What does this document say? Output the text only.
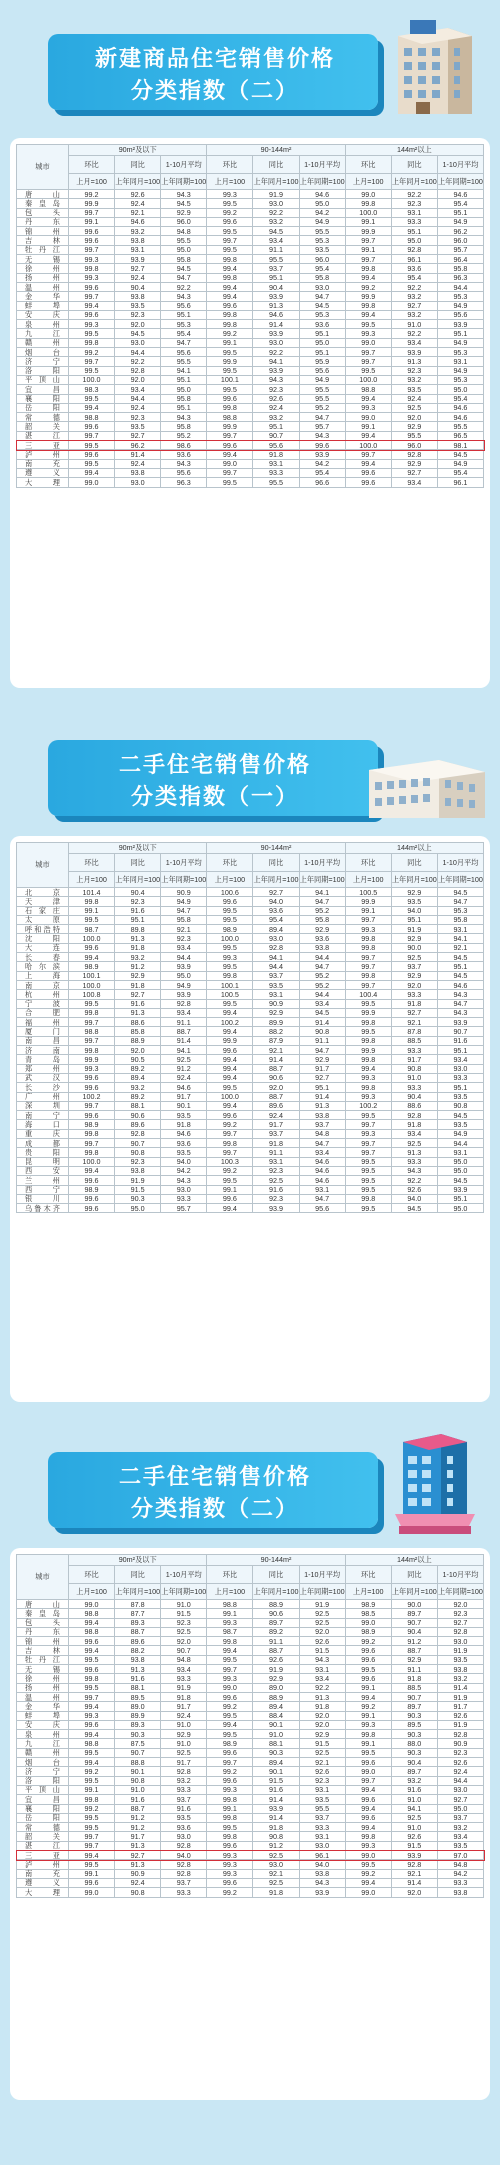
新建商品住宅销售价格
分类指数（二）
城市	90m²及以下			90-144m²			144m²以上		
	环比	同比	1-10月平均	环比	同比	1-10月平均	环比	同比	1-10月平均
	上月=100	上年同月=100	上年同期=100	上月=100	上年同月=100	上年同期=100	上月=100	上年同月=100	上年同期=100
唐山	99.2	92.6	94.3	99.3	91.9	94.6	99.0	92.2	94.6
秦皇岛	99.9	92.4	94.5	99.5	93.0	95.0	99.8	92.3	95.4
包头	99.7	92.1	92.9	99.2	92.2	94.2	100.0	93.1	95.1
丹东	99.1	94.6	96.0	99.6	93.2	94.9	99.1	93.3	94.9
锦州	99.6	93.2	94.8	99.5	94.5	95.5	99.9	95.1	96.2
吉林	99.6	93.8	95.5	99.7	93.4	95.3	99.7	95.0	96.0
牡丹江	99.7	93.1	95.0	99.5	91.1	93.5	99.1	92.8	95.7
无锡	99.3	93.9	95.8	99.8	95.5	96.0	99.7	96.1	96.4
徐州	99.8	92.7	94.5	99.4	93.7	95.4	99.8	93.6	95.8
扬州	99.3	92.4	94.7	99.8	95.1	95.8	99.4	95.4	96.3
温州	99.6	90.4	92.2	99.4	90.4	93.0	99.2	92.2	94.4
金华	99.7	93.8	94.3	99.4	93.9	94.7	99.9	93.2	95.3
蚌埠	99.4	93.5	95.6	99.6	91.3	94.5	99.8	92.7	94.9
安庆	99.6	92.3	95.1	99.8	94.6	95.3	99.4	93.2	95.6
泉州	99.3	92.0	95.3	99.8	91.4	93.6	99.5	91.0	93.9
九江	99.5	94.5	95.4	99.2	93.9	95.1	99.3	92.2	95.1
赣州	99.8	93.0	94.7	99.1	93.0	95.0	99.0	93.4	94.9
烟台	99.2	94.4	95.6	99.5	92.2	95.1	99.7	93.9	95.3
济宁	99.7	92.2	95.5	99.9	94.1	95.9	99.7	91.3	93.1
洛阳	99.5	92.8	94.1	99.5	93.9	95.6	99.5	92.3	94.9
平顶山	100.0	92.0	95.1	100.1	94.3	94.9	100.0	93.2	95.3
宜昌	98.3	93.4	95.0	99.5	92.3	95.5	98.8	93.5	95.0
襄阳	99.5	94.4	95.8	99.6	92.6	95.5	99.4	92.4	95.4
岳阳	99.4	92.4	95.1	99.8	92.4	95.2	99.3	92.5	94.6
常德	98.8	92.3	94.3	98.8	93.2	94.7	99.0	92.0	94.6
韶关	99.6	93.5	95.8	99.9	95.1	95.7	99.1	92.9	95.5
湛江	99.7	92.7	95.2	99.7	90.7	94.3	99.4	95.5	96.5
三亚	99.5	96.2	98.6	99.6	95.6	99.6	100.0	96.0	98.1
泸州	99.6	91.4	93.6	99.4	91.8	93.9	99.7	92.8	94.5
南充	99.5	92.4	94.3	99.0	93.1	94.2	99.4	92.9	94.9
遵义	99.4	93.8	95.6	99.7	93.3	95.4	99.6	92.7	95.4
大理	99.0	93.0	96.3	99.5	95.5	96.6	99.6	93.4	96.1
二手住宅销售价格
分类指数（一）
城市	90m²及以下			90-144m²			144m²以上		
	环比	同比	1-10月平均	环比	同比	1-10月平均	环比	同比	1-10月平均
	上月=100	上年同月=100	上年同期=100	上月=100	上年同月=100	上年同期=100	上月=100	上年同月=100	上年同期=100
北京	101.4	90.4	90.9	100.6	92.7	94.1	100.5	92.9	94.5
天津	99.8	92.3	94.9	99.6	94.0	94.7	99.9	93.5	94.7
石家庄	99.1	91.6	94.7	99.5	93.6	95.2	99.1	94.0	95.3
太原	99.5	95.1	95.8	99.5	95.4	95.8	99.7	95.1	95.8
呼和浩特	98.7	89.8	92.1	98.9	89.4	92.9	99.3	91.9	93.1
沈阳	100.0	91.3	92.3	100.0	93.0	93.6	99.8	92.9	94.1
大连	99.6	91.8	93.4	99.5	92.8	93.8	99.8	90.0	92.1
长春	99.4	93.2	94.4	99.3	94.1	94.4	99.7	92.5	94.5
哈尔滨	98.9	91.2	93.9	99.5	94.4	94.7	99.7	93.7	95.1
上海	100.1	92.9	95.0	99.8	93.7	95.2	99.8	92.9	94.5
南京	100.0	91.8	94.9	100.1	93.5	95.2	99.7	92.0	94.6
杭州	100.8	92.7	93.9	100.5	93.1	94.4	100.4	93.3	94.3
宁波	99.5	91.6	92.8	99.5	90.9	93.4	99.5	91.8	94.7
合肥	99.8	91.3	93.4	99.4	92.9	94.5	99.9	92.7	94.3
福州	99.7	88.6	91.1	100.2	89.9	91.4	99.8	92.1	93.9
厦门	98.8	85.8	88.7	99.4	88.2	90.8	99.5	87.8	90.7
南昌	99.7	88.9	91.4	99.9	87.9	91.1	99.8	88.5	91.6
济南	99.8	92.0	94.1	99.6	92.1	94.7	99.9	93.3	95.1
青岛	99.9	90.5	92.5	99.4	91.4	92.9	99.8	91.7	93.4
郑州	99.3	89.2	91.2	99.4	88.7	91.7	99.4	90.8	93.0
武汉	99.6	89.4	92.4	99.4	90.6	92.7	99.3	91.0	93.3
长沙	99.6	93.2	94.6	99.5	92.0	95.1	99.8	93.3	95.1
广州	100.2	89.2	91.7	100.0	88.7	91.4	99.3	90.4	93.5
深圳	99.7	88.1	90.1	99.4	89.6	91.3	100.2	88.6	90.8
南宁	99.6	90.6	93.5	99.6	92.4	93.8	99.5	92.8	94.5
海口	98.9	89.6	91.8	99.2	91.7	93.7	99.7	91.8	93.5
重庆	99.8	92.8	94.6	99.7	93.7	94.8	99.3	93.4	94.9
成都	99.7	90.7	93.6	99.8	91.8	94.7	99.7	92.5	94.4
贵阳	99.8	90.8	93.5	99.7	91.1	93.4	99.7	91.3	93.1
昆明	100.0	92.3	94.0	100.3	93.1	94.6	99.5	93.3	95.0
西安	99.4	93.8	94.2	99.2	92.3	94.6	99.5	94.3	95.0
兰州	99.6	91.9	94.3	99.5	92.5	94.6	99.5	92.2	94.5
西宁	98.9	91.5	93.0	99.1	91.6	93.1	99.5	92.6	93.9
银川	99.6	90.3	93.3	99.6	92.3	94.7	99.8	94.0	95.1
乌鲁木齐	99.6	95.0	95.7	99.4	93.9	95.6	99.5	94.5	95.0
二手住宅销售价格
分类指数（二）
城市	90m²及以下			90-144m²			144m²以上		
	环比	同比	1-10月平均	环比	同比	1-10月平均	环比	同比	1-10月平均
	上月=100	上年同月=100	上年同期=100	上月=100	上年同月=100	上年同期=100	上月=100	上年同月=100	上年同期=100
唐山	99.0	87.8	91.0	98.8	88.9	91.9	98.9	90.0	92.0
秦皇岛	98.8	87.7	91.5	99.1	90.6	92.5	98.5	89.7	92.3
包头	99.4	89.3	92.3	99.3	89.7	92.5	99.0	90.7	92.7
丹东	98.8	88.7	92.5	98.7	89.2	92.0	98.9	90.4	92.8
锦州	99.6	89.6	92.0	99.8	91.1	92.6	99.2	91.2	93.0
吉林	99.4	88.2	90.7	99.4	88.7	91.5	99.6	88.7	91.9
牡丹江	99.5	93.8	94.8	99.5	92.6	94.3	99.6	92.9	93.5
无锡	99.6	91.3	93.4	99.7	91.9	93.1	99.5	91.1	93.8
徐州	99.8	91.6	93.3	99.3	92.9	93.4	99.6	91.8	93.2
扬州	99.5	88.1	91.9	99.0	89.0	92.2	99.1	88.5	91.4
温州	99.7	89.5	91.8	99.6	88.9	91.3	99.4	90.7	91.9
金华	99.4	89.0	91.7	99.2	89.4	91.8	99.2	89.7	91.7
蚌埠	99.3	89.9	92.4	99.5	88.4	92.0	99.1	90.3	92.6
安庆	99.6	89.3	91.0	99.4	90.1	92.0	99.3	89.5	91.9
泉州	99.4	90.3	92.9	99.5	91.0	92.9	99.8	90.3	92.8
九江	98.8	87.5	91.0	98.9	88.1	91.5	99.1	88.0	90.9
赣州	99.5	90.7	92.5	99.6	90.3	92.5	99.5	90.3	92.3
烟台	99.4	88.8	91.7	99.7	89.4	92.1	99.6	90.4	92.6
济宁	99.2	90.1	92.8	99.2	90.1	92.6	99.0	89.7	92.4
洛阳	99.5	90.8	93.2	99.6	91.5	92.3	99.7	93.2	94.4
平顶山	99.1	91.0	93.3	99.3	91.6	93.1	99.4	91.6	93.0
宜昌	99.8	91.6	93.7	99.8	91.4	93.5	99.6	91.0	92.7
襄阳	99.2	88.7	91.6	99.1	93.9	95.5	99.4	94.1	95.0
岳阳	99.5	91.2	93.5	99.8	91.4	93.7	99.6	92.5	93.7
常德	99.5	91.2	93.6	99.5	91.8	93.3	99.4	91.0	93.2
韶关	99.7	91.7	93.0	99.8	90.8	93.1	99.8	92.6	93.4
湛江	99.7	91.3	92.8	99.6	91.2	93.0	99.3	91.5	93.5
三亚	99.4	92.7	94.0	99.3	92.5	96.1	99.0	93.9	97.0
泸州	99.5	91.3	92.8	99.3	93.0	94.0	99.5	92.8	94.8
南充	99.1	90.9	92.8	99.3	92.1	93.8	99.2	92.1	94.2
遵义	99.6	92.4	93.7	99.6	92.5	94.3	99.4	91.4	93.3
大理	99.0	90.8	93.3	99.2	91.8	93.9	99.0	92.0	93.8
